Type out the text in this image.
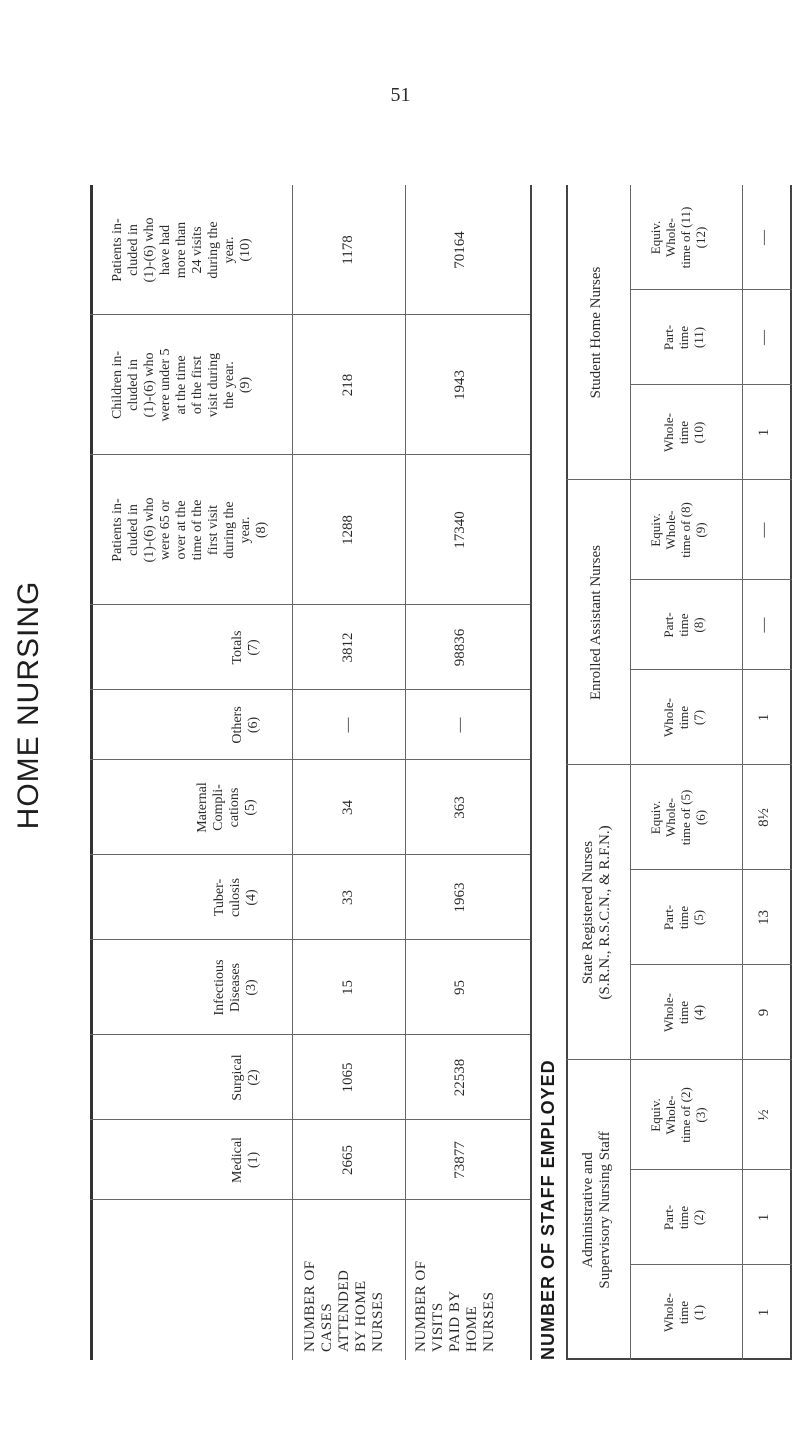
51
HOME NURSING
Medical
(1)
Surgical
(2)
Infectious
Diseases
(3)
Tuber-
culosis
(4)
Maternal
Compli-
cations
(5)
Others
(6)
Totals
(7)
Patients in-
cluded in
(1)-(6) who
were 65 or
over at the
time of the
first visit
during the
year.
(8)
Children in-
cluded in
(1)-(6) who
were under 5
at the time
of the first
visit during
the year.
(9)
Patients in-
cluded in
(1)-(6) who
have had
more than
24 visits
during the
year.
(10)
NUMBER OF
CASES
ATTENDED
BY HOME
NURSES NUMBER OF
VISITS
PAID BY
HOME
NURSES
2665
1065
15
33
34
—
3812
1288
218
1178
73877
22538
95
1963
363
—
98836
17340
1943
70164
NUMBER OF STAFF EMPLOYED Administrative and
Supervisory Nursing Staff
State Registered Nurses
(S.R.N., R.S.C.N., & R.F.N.)
Enrolled Assistant Nurses
Student Home Nurses
Whole-
time
(1)
Part-
time
(2)
Equiv.
Whole-
time of (2)
(3)
Whole-
time
(4)
Part-
time
(5)
Equiv.
Whole-
time of (5)
(6)
Whole-
time
(7)
Part-
time
(8)
Equiv.
Whole-
time of (8)
(9)
Whole-
time
(10)
Part-
time
(11)
Equiv.
Whole-
time of (11)
(12)
1
1
½
9
13
8½
1
—
—
1
—
—
